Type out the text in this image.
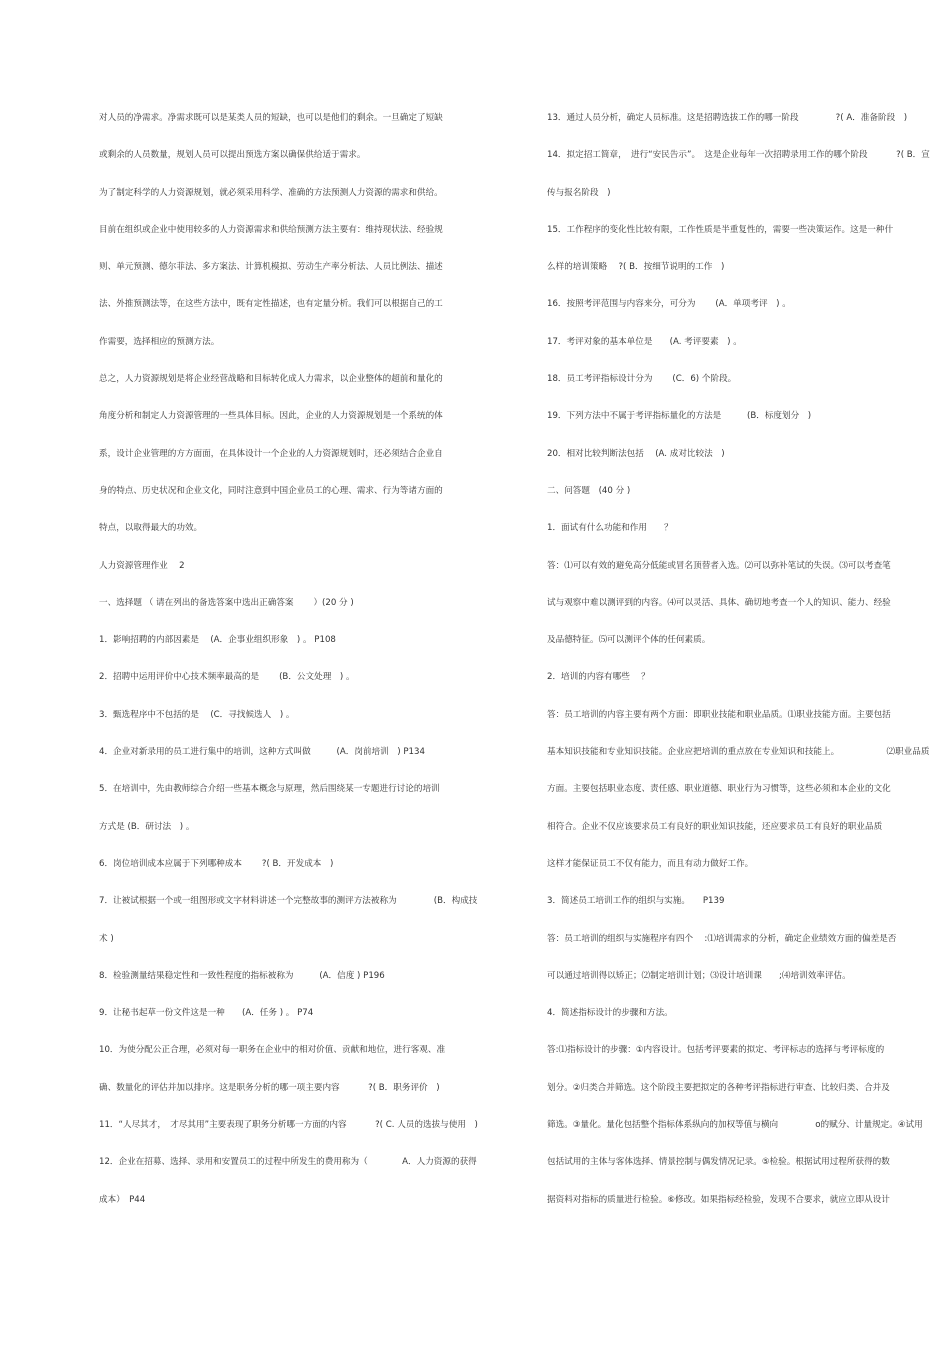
对人员的净需求。净需求既可以是某类人员的短缺，也可以是他们的剩余。一旦确定了短缺
或剩余的人员数量，规划人员可以提出预选方案以确保供给适于需求。
为了制定科学的人力资源规划，就必须采用科学、准确的方法预测人力资源的需求和供给。
目前在组织或企业中使用较多的人力资源需求和供给预测方法主要有：维持现状法、经验规
则、单元预测、德尔菲法、多方案法、计算机模拟、劳动生产率分析法、人员比例法、描述
法、外推预测法等，在这些方法中，既有定性描述，也有定量分析。我们可以根据自己的工
作需要，选择相应的预测方法。
总之，人力资源规划是将企业经营战略和目标转化成人力需求，以企业整体的超前和量化的
角度分析和制定人力资源管理的一些具体目标。因此，企业的人力资源规划是一个系统的体
系，设计企业管理的方方面面，在具体设计一个企业的人力资源规划时，还必须结合企业自
身的特点、历史状况和企业文化，同时注意到中国企业员工的心理、需求、行为等诸方面的
特点，以取得最大的功效。
人力资源管理作业　 2
一、选择题 （ 请在列出的备选答案中选出正确答案　　 ）(20 分 )
1．影响招聘的内部因素是　 (A．企事业组织形象　) 。 P108
2．招聘中运用评价中心技术频率最高的是　　 (B．公文处理　) 。
3．甄选程序中不包括的是　 (C．寻找候选人　) 。
4．企业对新录用的员工进行集中的培训，这种方式叫做　　　(A．岗前培训　) P134
5．在培训中，先由教师综合介绍一些基本概念与原理，然后围绕某一专题进行讨论的培训
方式是 (B．研讨法　) 。
6．岗位培训成本应属于下列哪种成本　　 ?( B．开发成本　)
7．让被试根据一个或一组图形或文字材料讲述一个完整故事的测评方法被称为　　　　 (B．构成技
术 )
8．检验测量结果稳定性和一致性程度的指标被称为　　　(A．信度 ) P196
9．让秘书起草一份文件这是一种　　(A．任务 ) 。 P74
10．为使分配公正合理，必须对每一职务在企业中的相对价值、贡献和地位，进行客观、准
确、数量化的评估并加以排序。这是职务分析的哪一项主要内容　　　 ?( B．职务评价　)
11．“人尽其才，　才尽其用”主要表现了职务分析哪一方面的内容　　　 ?( C. 人员的选拔与使用　)
12．企业在招募、选择、录用和安置员工的过程中所发生的费用称为（　　　　A．人力资源的获得
成本）　P44
13．通过人员分析，确定人员标准。这是招聘选拔工作的哪一阶段　　　　 ?( A．准备阶段　)
14．拟定招工简章，　进行“安民告示”。　这是企业每年一次招聘录用工作的哪个阶段　　　 ?( B．宣
传与报名阶段　)
15．工作程序的变化性比较有限，工作性质是半重复性的，需要一些决策运作。这是一种什
么样的培训策略　 ?( B．按细节说明的工作　)
16．按照考评范围与内容来分，可分为　　 (A．单项考评　) 。
17．考评对象的基本单位是　　(A. 考评要素　) 。
18．员工考评指标设计分为　　 (C．6) 个阶段。
19．下列方法中不属于考评指标量化的方法是　　　(B．标度划分　)
20．相对比较判断法包括　 (A. 成对比较法　)
二、问答题　(40 分 )
1．面试有什么功能和作用　　？
答：⑴可以有效的避免高分低能或冒名顶替者入选。⑵可以弥补笔试的失误。⑶可以考查笔
试与观察中难以测评到的内容。⑷可以灵活、具体、确切地考查一个人的知识、能力、经验
及品德特征。⑸可以测评个体的任何素质。
2．培训的内容有哪些　 ？
答：员工培训的内容主要有两个方面：即职业技能和职业品质。⑴职业技能方面。主要包括
基本知识技能和专业知识技能。企业应把培训的重点放在专业知识和技能上。　　　　　　⑵职业品质
方面。主要包括职业态度、责任感、职业道德、职业行为习惯等，这些必须和本企业的文化
相符合。企业不仅应该要求员工有良好的职业知识技能，还应要求员工有良好的职业品质
这样才能保证员工不仅有能力，而且有动力做好工作。
3．简述员工培训工作的组织与实施。　　P139
答：员工培训的组织与实施程序有四个　 :⑴培训需求的分析，确定企业绩效方面的偏差是否
可以通过培训得以矫正；⑵制定培训计划；⑶设计培训课　　;⑷培训效率评估。
4．简述指标设计的步骤和方法。
答:⑴指标设计的步骤：①内容设计。包括考评要素的拟定、考评标志的选择与考评标度的
划分。②归类合并筛选。这个阶段主要把拟定的各种考评指标进行审查、比较归类、合并及
筛选。③量化。量化包括整个指标体系纵向的加权等值与横向　　　　 o的赋分、计量规定。④试用
包括试用的主体与客体选择、情景控制与偶发情况记录。⑤检验。根据试用过程所获得的数
据资料对指标的质量进行检验。⑥修改。如果指标经检验，发现不合要求，就应立即从设计
